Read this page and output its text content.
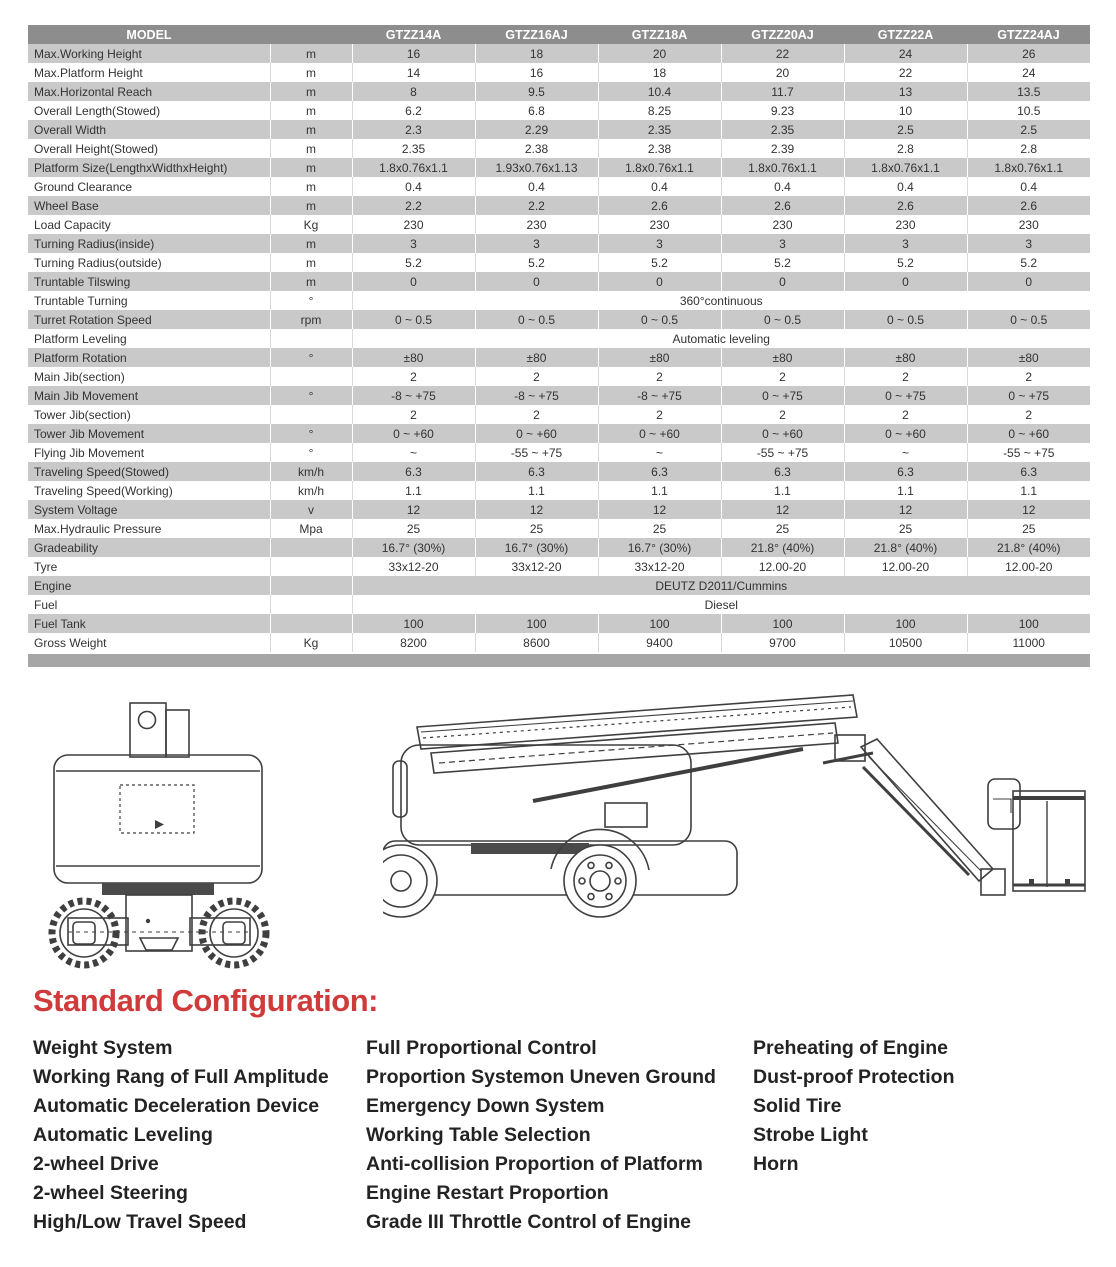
MODEL		GTZZ14A	GTZZ16AJ	GTZZ18A	GTZZ20AJ	GTZZ22A	GTZZ24AJ
Max.Working Height	m	16	18	20	22	24	26
Max.Platform Height	m	14	16	18	20	22	24
Max.Horizontal Reach	m	8	9.5	10.4	11.7	13	13.5
Overall Length(Stowed)	m	6.2	6.8	8.25	9.23	10	10.5
Overall Width	m	2.3	2.29	2.35	2.35	2.5	2.5
Overall Height(Stowed)	m	2.35	2.38	2.38	2.39	2.8	2.8
Platform Size(LengthxWidthxHeight)	m	1.8x0.76x1.1	1.93x0.76x1.13	1.8x0.76x1.1	1.8x0.76x1.1	1.8x0.76x1.1	1.8x0.76x1.1
Ground Clearance	m	0.4	0.4	0.4	0.4	0.4	0.4
Wheel Base	m	2.2	2.2	2.6	2.6	2.6	2.6
Load Capacity	Kg	230	230	230	230	230	230
Turning Radius(inside)	m	3	3	3	3	3	3
Turning Radius(outside)	m	5.2	5.2	5.2	5.2	5.2	5.2
Truntable Tilswing	m	0	0	0	0	0	0
Truntable Turning	°	360°continuous					
Turret Rotation Speed	rpm	0 ~ 0.5	0 ~ 0.5	0 ~ 0.5	0 ~ 0.5	0 ~ 0.5	0 ~ 0.5
Platform Leveling		Automatic leveling					
Platform Rotation	°	±80	±80	±80	±80	±80	±80
Main Jib(section)		2	2	2	2	2	2
Main Jib Movement	°	-8 ~ +75	-8 ~ +75	-8 ~ +75	0 ~ +75	0 ~ +75	0 ~ +75
Tower Jib(section)		2	2	2	2	2	2
Tower Jib Movement	°	0 ~ +60	0 ~ +60	0 ~ +60	0 ~ +60	0 ~ +60	0 ~ +60
Flying Jib Movement	°	~	-55 ~ +75	~	-55 ~ +75	~	-55 ~ +75
Traveling Speed(Stowed)	km/h	6.3	6.3	6.3	6.3	6.3	6.3
Traveling Speed(Working)	km/h	1.1	1.1	1.1	1.1	1.1	1.1
System Voltage	v	12	12	12	12	12	12
Max.Hydraulic Pressure	Mpa	25	25	25	25	25	25
Gradeability		16.7° (30%)	16.7° (30%)	16.7° (30%)	21.8° (40%)	21.8° (40%)	21.8° (40%)
Tyre		33x12-20	33x12-20	33x12-20	12.00-20	12.00-20	12.00-20
Engine		DEUTZ D2011/Cummins					
Fuel		Diesel					
Fuel Tank		100	100	100	100	100	100
Gross Weight	Kg	8200	8600	9400	9700	10500	11000
Standard Configuration:
Weight System
Working Rang of Full Amplitude
Automatic Deceleration Device
Automatic Leveling
2-wheel Drive
2-wheel Steering
High/Low Travel Speed
Full Proportional Control
Proportion Systemon Uneven Ground
Emergency Down System
Working Table Selection
Anti-collision Proportion of Platform
Engine Restart Proportion
Grade III Throttle Control of Engine
Preheating of Engine
Dust-proof Protection
Solid Tire
Strobe Light
Horn
